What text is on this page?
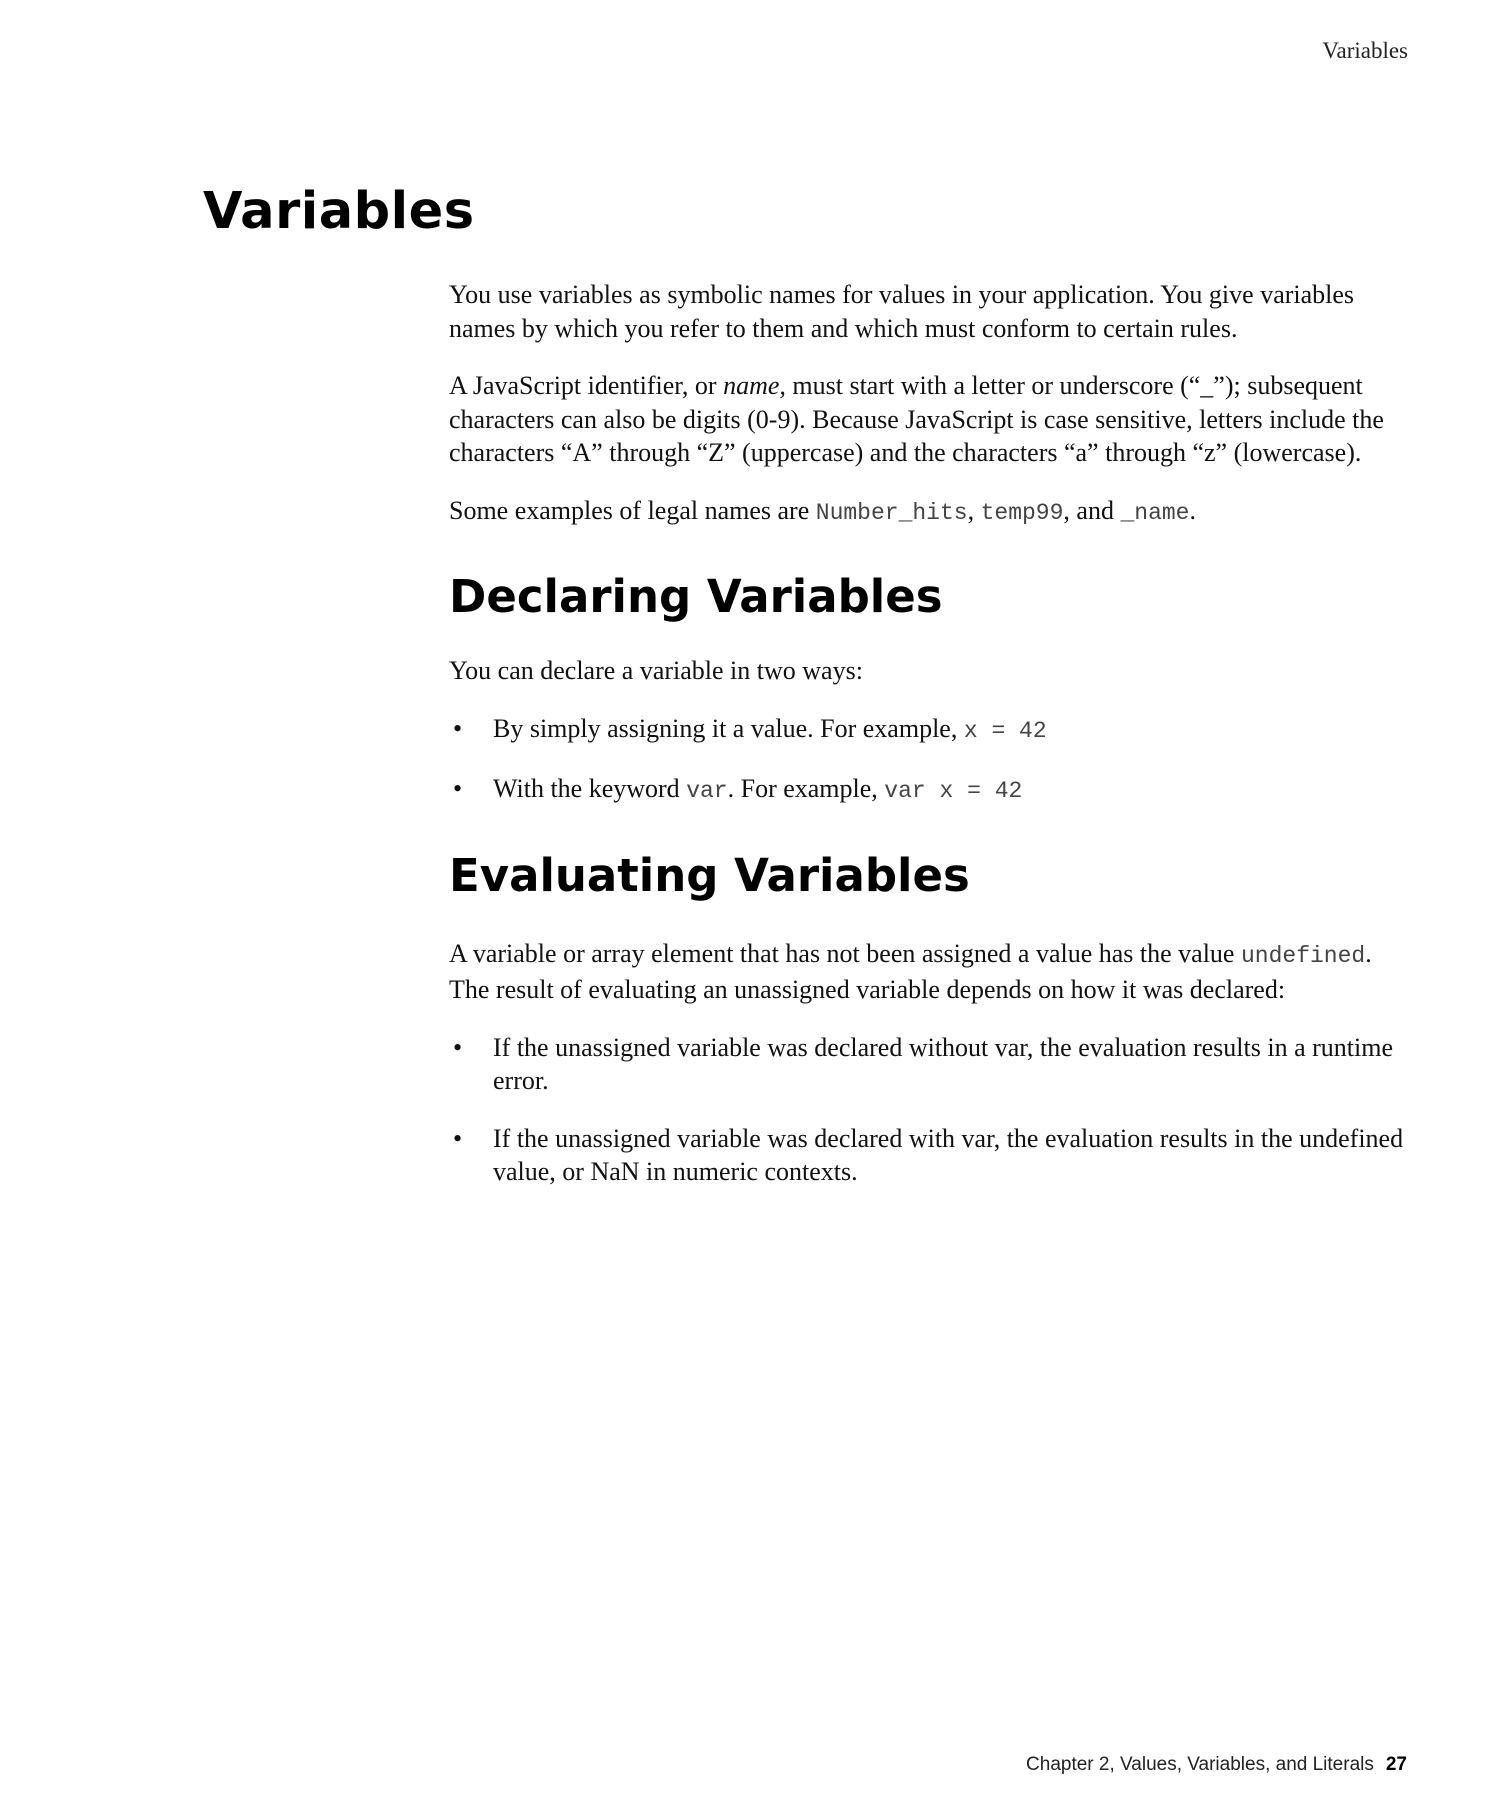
Variables
Variables

You use variables as symbolic names for values in your application. You give variables names by which you refer to them and which must conform to certain rules.

A JavaScript identifier, or name, must start with a letter or underscore (“_”); subsequent characters can also be digits (0-9). Because JavaScript is case sensitive, letters include the characters “A” through “Z” (uppercase) and the characters “a” through “z” (lowercase).

Some examples of legal names are Number_hits, temp99, and _name.

Declaring Variables

You can declare a variable in two ways:

• By simply assigning it a value. For example, x = 42
• With the keyword var. For example, var x = 42
Evaluating Variables

A variable or array element that has not been assigned a value has the value undefined. The result of evaluating an unassigned variable depends on how it was declared:

• If the unassigned variable was declared without var, the evaluation results in a runtime error.
• If the unassigned variable was declared with var, the evaluation results in the undefined value, or NaN in numeric contexts.
Chapter 2, Values, Variables, and Literals 27
